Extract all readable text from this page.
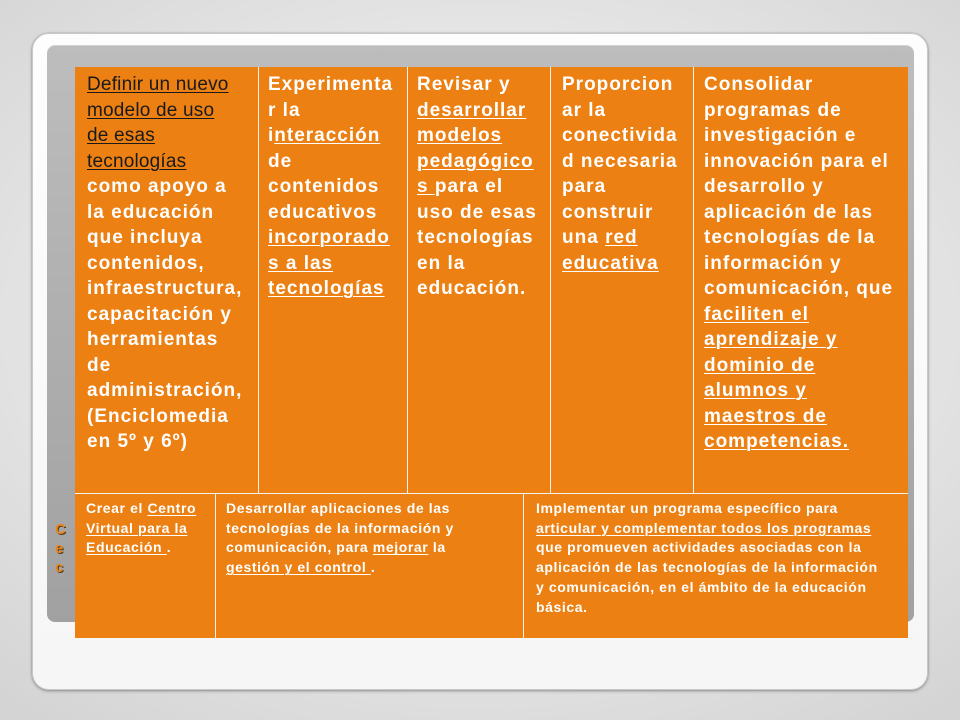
C
e
c
Definir un nuevo
modelo de uso
de esas
tecnologías
como apoyo a
la educación
que incluya
contenidos,
infraestructura,
capacitación y
herramientas
de
administración,
(Enciclomedia
en 5º y 6º)
Experimenta
r la
interacción
de
contenidos
educativos
incorporado
s a las
tecnologías
Revisar y
desarrollar
modelos
pedagógico
s para el
uso de esas
tecnologías
en la
educación.
Proporcion
ar la
conectivida
d necesaria
para
construir
una red
educativa
Consolidar
programas de
investigación e
innovación para el
desarrollo y
aplicación de las
tecnologías de la
información y
comunicación, que
faciliten el
aprendizaje y
dominio de
alumnos y
maestros de
competencias.
Crear el Centro
Virtual para la
Educación .
Desarrollar aplicaciones de las
tecnologías de la información y
comunicación, para mejorar la
gestión y el control .
Implementar un programa específico para
articular y complementar todos los programas
que promueven actividades asociadas con la
aplicación de las tecnologías de la información
y comunicación, en el ámbito de la educación
básica.
